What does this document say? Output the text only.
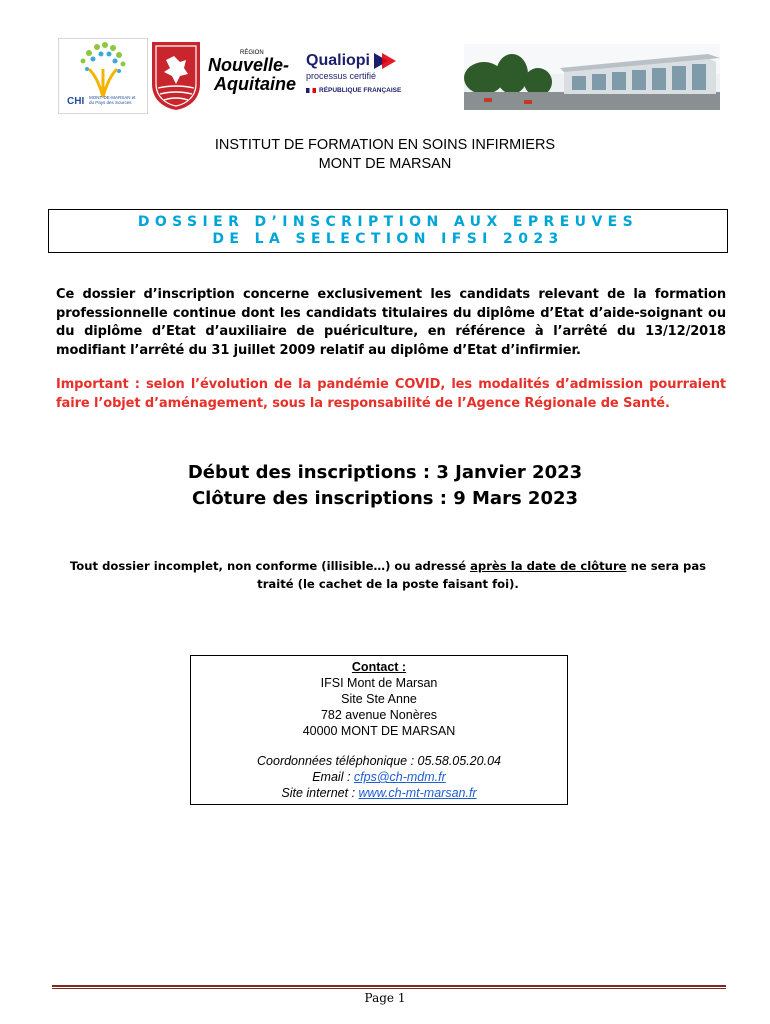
CHI MONT-DE-MARSAN et du Pays des Sources
RÉGION
Nouvelle-
Aquitaine
Qualiopi
processus certifié
RÉPUBLIQUE FRANÇAISE
INSTITUT DE FORMATION EN SOINS INFIRMIERS
MONT DE MARSAN
DOSSIER D’INSCRIPTION AUX EPREUVES
DE LA SELECTION IFSI 2023
Ce dossier d’inscription concerne exclusivement les candidats relevant de la formation professionnelle continue dont les candidats titulaires du diplôme d’Etat d’aide-soignant ou du diplôme d’Etat d’auxiliaire de puériculture, en référence à l’arrêté du 13/12/2018 modifiant l’arrêté du 31 juillet 2009 relatif au diplôme d’Etat d’infirmier.
Important : selon l’évolution de la pandémie COVID, les modalités d’admission pourraient faire l’objet d’aménagement, sous la responsabilité de l’Agence Régionale de Santé.
Début des inscriptions : 3 Janvier 2023
Clôture des inscriptions : 9 Mars 2023
Tout dossier incomplet, non conforme (illisible…) ou adressé après la date de clôture ne sera pas traité (le cachet de la poste faisant foi).
Contact :
IFSI Mont de Marsan
Site Ste Anne
782 avenue Nonères
40000 MONT DE MARSAN
Coordonnées téléphonique : 05.58.05.20.04
Email : cfps@ch-mdm.fr
Site internet : www.ch-mt-marsan.fr
Page 1
